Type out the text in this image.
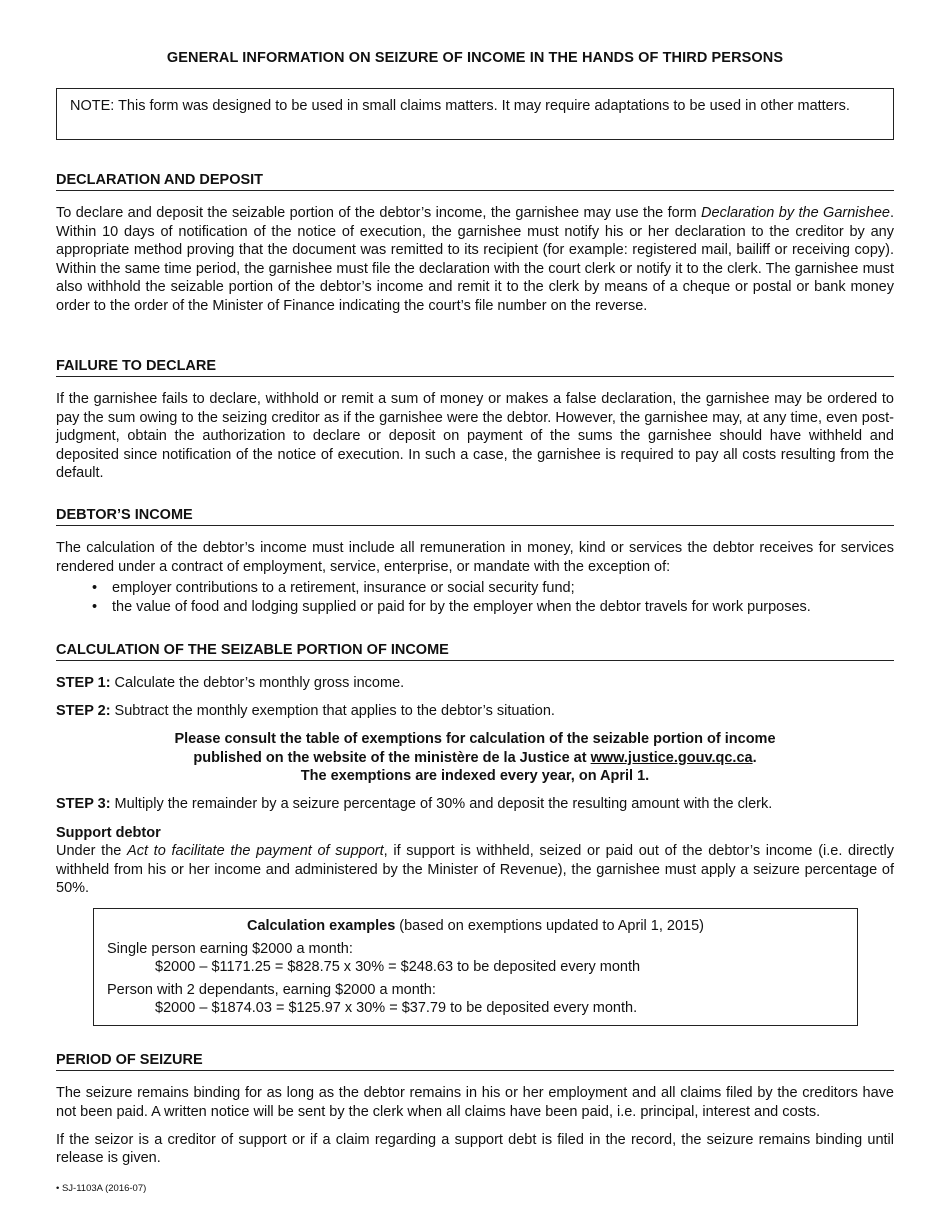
GENERAL INFORMATION ON SEIZURE OF INCOME IN THE HANDS OF THIRD PERSONS
NOTE: This form was designed to be used in small claims matters. It may require adaptations to be used in other matters.
DECLARATION AND DEPOSIT

To declare and deposit the seizable portion of the debtor’s income, the garnishee may use the form Declaration by the Garnishee. Within 10 days of notification of the notice of execution, the garnishee must notify his or her declaration to the creditor by any appropriate method proving that the document was remitted to its recipient (for example: registered mail, bailiff or receiving copy). Within the same time period, the garnishee must file the declaration with the court clerk or notify it to the clerk. The garnishee must also withhold the seizable portion of the debtor’s income and remit it to the clerk by means of a cheque or postal or bank money order to the order of the Minister of Finance indicating the court’s file number on the reverse.

FAILURE TO DECLARE

If the garnishee fails to declare, withhold or remit a sum of money or makes a false declaration, the garnishee may be ordered to pay the sum owing to the seizing creditor as if the garnishee were the debtor. However, the garnishee may, at any time, even post-judgment, obtain the authorization to declare or deposit on payment of the sums the garnishee should have withheld and deposited since notification of the notice of execution. In such a case, the garnishee is required to pay all costs resulting from the default.

DEBTOR’S INCOME

The calculation of the debtor’s income must include all remuneration in money, kind or services the debtor receives for services rendered under a contract of employment, service, enterprise, or mandate with the exception of:

• employer contributions to a retirement, insurance or social security fund;
• the value of food and lodging supplied or paid for by the employer when the debtor travels for work purposes.
CALCULATION OF THE SEIZABLE PORTION OF INCOME

STEP 1: Calculate the debtor’s monthly gross income.

STEP 2: Subtract the monthly exemption that applies to the debtor’s situation.

Please consult the table of exemptions for calculation of the seizable portion of income
published on the website of the ministère de la Justice at www.justice.gouv.qc.ca.
The exemptions are indexed every year, on April 1.

STEP 3: Multiply the remainder by a seizure percentage of 30% and deposit the resulting amount with the clerk.

Support debtor

Under the Act to facilitate the payment of support, if support is withheld, seized or paid out of the debtor’s income (i.e. directly withheld from his or her income and administered by the Minister of Revenue), the garnishee must apply a seizure percentage of 50%.

Calculation examples (based on exemptions updated to April 1, 2015)
Single person earning $2000 a month:
$2000 – $1171.25 = $828.75 x 30% = $248.63 to be deposited every month
Person with 2 dependants, earning $2000 a month:
$2000 – $1874.03 = $125.97 x 30% = $37.79 to be deposited every month.
PERIOD OF SEIZURE

The seizure remains binding for as long as the debtor remains in his or her employment and all claims filed by the creditors have not been paid. A written notice will be sent by the clerk when all claims have been paid, i.e. principal, interest and costs.

If the seizor is a creditor of support or if a claim regarding a support debt is filed in the record, the seizure remains binding until release is given.

• SJ-1103A (2016-07)
